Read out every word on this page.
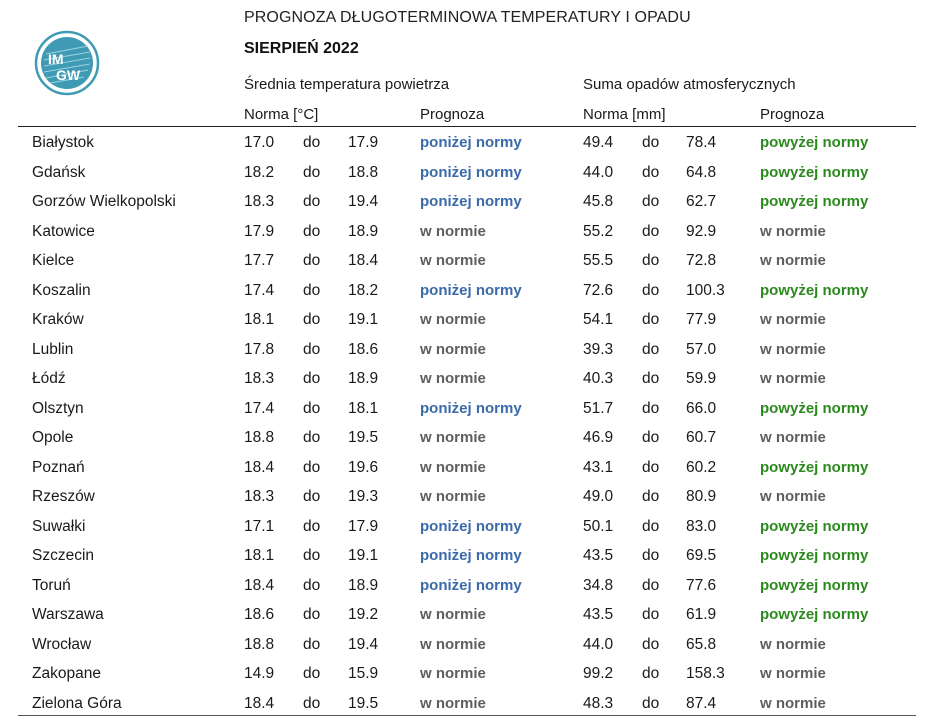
IM
GW
PROGNOZA DŁUGOTERMINOWA TEMPERATURY I OPADU
SIERPIEŃ 2022
Średnia temperatura powietrza	Suma opadów atmosferycznych
Norma [°C]	Prognoza	Norma [mm]	Prognoza
Białystok	17.0 do 17.9	poniżej normy	49.4 do 78.4	powyżej normy
Gdańsk	18.2 do 18.8	poniżej normy	44.0 do 64.8	powyżej normy
Gorzów Wielkopolski	18.3 do 19.4	poniżej normy	45.8 do 62.7	powyżej normy
Katowice	17.9 do 18.9	w normie	55.2 do 92.9	w normie
Kielce	17.7 do 18.4	w normie	55.5 do 72.8	w normie
Koszalin	17.4 do 18.2	poniżej normy	72.6 do 100.3 powyżej normy
Kraków	18.1 do 19.1	w normie	54.1 do 77.9	w normie
Lublin	17.8 do 18.6	w normie	39.3 do 57.0	w normie
Łódź	18.3 do 18.9	w normie	40.3 do 59.9	w normie
Olsztyn	17.4 do 18.1	poniżej normy	51.7 do 66.0	powyżej normy
Opole	18.8 do 19.5	w normie	46.9 do 60.7	w normie
Poznań	18.4 do 19.6	w normie	43.1 do 60.2	powyżej normy
Rzeszów	18.3 do 19.3	w normie	49.0 do 80.9	w normie
Suwałki	17.1 do 17.9	poniżej normy	50.1 do 83.0	powyżej normy
Szczecin	18.1 do 19.1	poniżej normy	43.5 do 69.5	powyżej normy
Toruń	18.4 do 18.9	poniżej normy	34.8 do 77.6	powyżej normy
Warszawa	18.6 do 19.2	w normie	43.5 do 61.9	powyżej normy
Wrocław	18.8 do 19.4	w normie	44.0 do 65.8	w normie
Zakopane	14.9 do 15.9	w normie	99.2 do 158.3 w normie
Zielona Góra	18.4 do 19.5	w normie	48.3 do 87.4	w normie
